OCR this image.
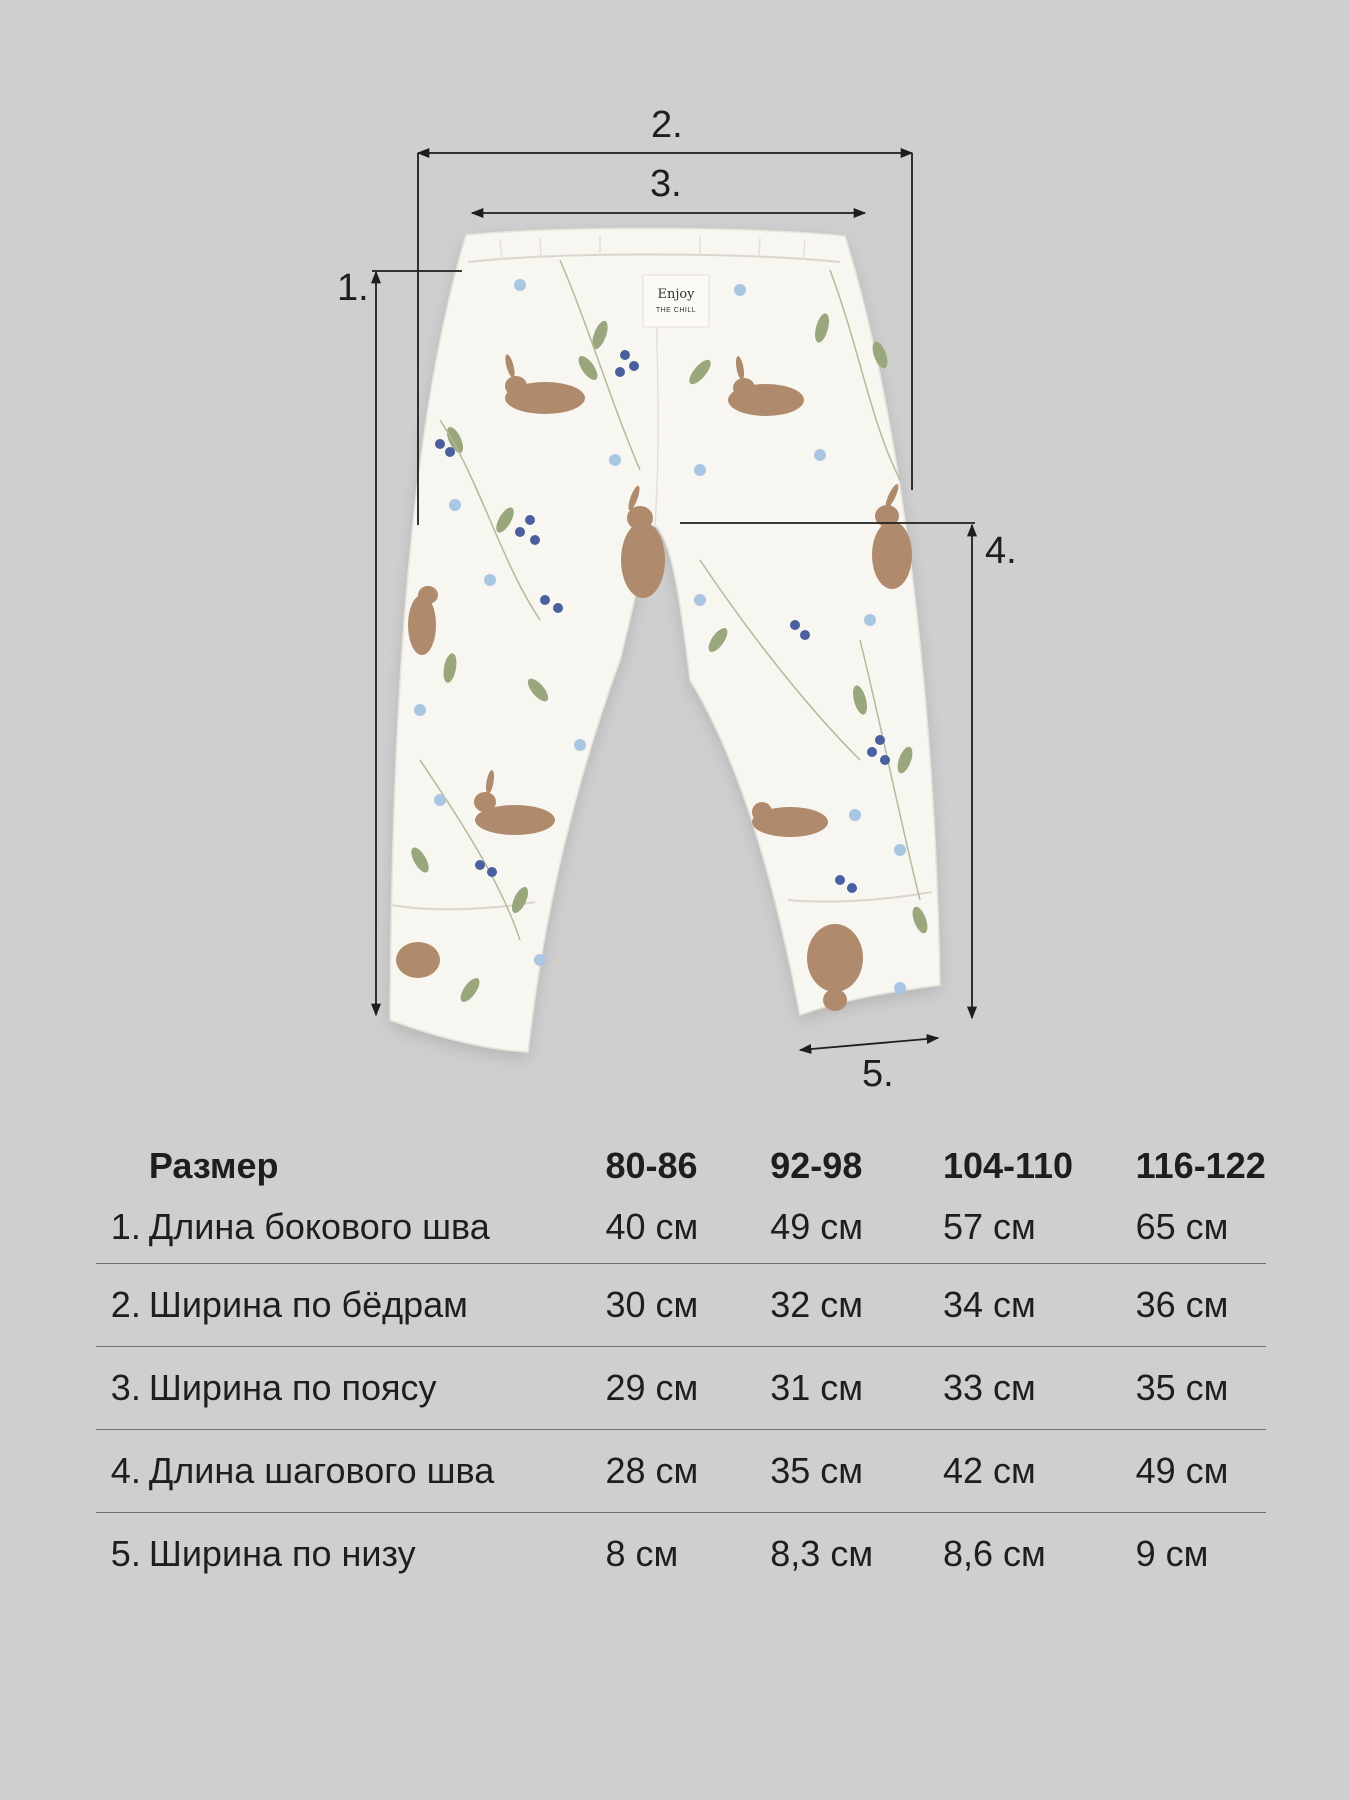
Enjoy
THE CHILL
1.
2.
3.
4.
5.
	Размер	80-86	92-98	104-110	116-122
1.	Длина бокового шва	40 см	49 см	57 см	65 см
2.	Ширина по бёдрам	30 см	32 см	34 см	36 см
3.	Ширина по поясу	29 см	31 см	33 см	35 см
4.	Длина шагового шва	28 см	35 см	42 см	49 см
5.	Ширина по низу	8 см	8,3 см	8,6 см	9 см
